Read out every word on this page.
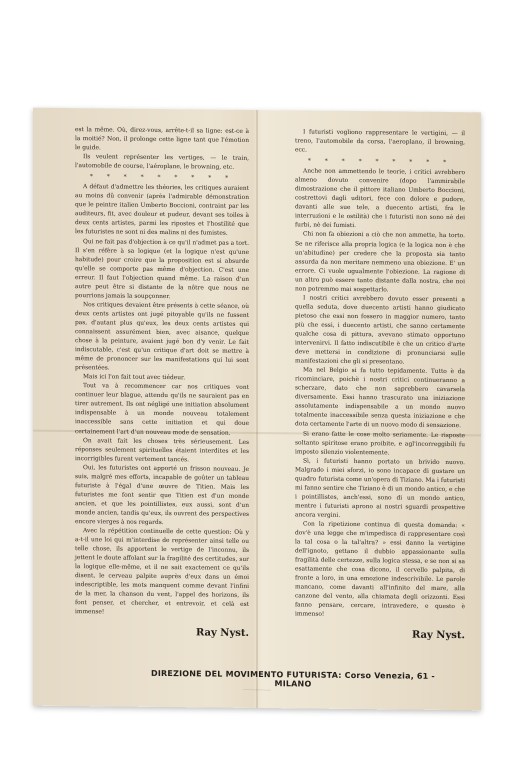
est la même. Où, direz-vous, arrête-t-il sa ligne: est-ce à la moitié? Non, il prolonge cette ligne tant que l'émotion le guide.

Ils veulent représenter les vertiges, — le train, l'automobile de course, l'aéroplane, le browning, etc.

* * * * * * * * *

A défaut d'admettre les théories, les critiques auraient au moins dû convenir (après l'admirable démonstration que le peintre italien Umberto Boccioni, contraint par les auditeurs, fit, avec douleur et pudeur, devant ses toiles à deux cents artistes, parmi les ripostes et l'hostilité que les futuristes ne sont ni des malins ni des fumistes.

Qui ne fait pas d'objection à ce qu'il n'admet pas a tort. Il s'en réfère à sa logique (et la logique n'est qu'une habitude) pour croire que la proposition est si absurde qu'elle se comporte pas même d'objection. C'est une erreur. Il faut l'objection quand même. La raison d'un autre peut être si distante de la nôtre que nous ne pourrions jamais la soupçonner.

Nos critiques devaient être présents à cette séance, où deux cents artistes ont jugé pitoyable qu'ils ne fussent pas, d'autant plus qu'eux, les deux cents artistes qui connaissent assurément bien, avec aisance, quelque chose à la peinture, avaient jugé bon d'y venir. Le fait indiscutable, c'est qu'un critique d'art doit se mettre à même de prononcer sur les manifestations qui lui sont présentées.

Mais ici l'on fait tout avec tiédeur.

Tout va à recommencer car nos critiques vont continuer leur blague, attendu qu'ils ne sauraient pas en tirer autrement. Ils ont négligé une initiation absolument indispensable à un monde nouveau totalement inaccessible sans cette initiation et qui doue certainement l'art d'un nouveau mode de sensation.

On avait fait les choses très sérieusement. Les réponses seulement spirituelles étaient interdites et les incorrigibles furent vertement tancés.

Oui, les futuristes ont apporté un frisson nouveau. Je suis, malgré mes efforts, incapable de goûter un tableau futuriste à l'égal d'une œuvre de Titien. Mais les futuristes me font sentir que Titien est d'un monde ancien, et que les pointillistes, eux aussi, sont d'un monde ancien, tandis qu'eux, ils ouvrent des perspectives encore vierges à nos regards.

Avec la répétition continuelle de cette question: Où y a-t-il une loi qui m'interdise de représenter ainsi telle ou telle chose, ils apportent le vertige de l'inconnu, ils jettent le doute affolant sur la fragilité des certitudes, sur la logique elle-même, et il ne sait exactement ce qu'ils disent, le cerveau palpite auprès d'eux dans un émoi indescriptible, les mots manquent comme devant l'infini de la mer, la chanson du vent, l'appel des horizons, ils font penser, et chercher, et entrevoir, et celà est immense!

Ray Nyst.

I futuristi vogliono rappresentare le vertigini, — il treno, l'automobile da corsa, l'aeroplano, il browning, ecc.

* * * * * * * * *

Anche non ammettendo le teorie, i critici avrebbero almeno dovuto convenire (dopo l'ammirabile dimostrazione che il pittore italiano Umberto Boccioni, costrettovi dagli uditori, fece con dolore e pudore, davanti alle sue tele, a duecento artisti, fra le interruzioni e le ostilità) che i futuristi non sono nè dei furbi, nè dei fumisti.

Chi non fa obiezioni a ciò che non ammette, ha torto. Se ne riferisce alla propria logica (e la logica non è che un'abitudine) per credere che la proposta sia tanto assurda da non meritare nemmeno una obiezione. E' un errore. Ci vuole ugualmente l'obiezione. La ragione di un altro può essere tanto distante dalla nostra, che noi non potremmo mai sospettarlo.

I nostri critici avrebbero dovuto esser presenti a quella seduta, dove duecento artisti hanno giudicato pietoso che essi non fossero in maggior numero, tanto più che essi, i duecento artisti, che sanno certamente qualche cosa di pittura, avevano stimato opportuno intervenirvi. Il fatto indiscutibile è che un critico d'arte deve mettersi in condizione di pronunciarsi sulle manifestazioni che gli si presentano.

Ma nel Belgio si fa tutto tepidamente. Tutto è da ricominciare, poichè i nostri critici continueranno a scherzare, dato che non saprebbero cavarsela diversamente. Essi hanno trascurato una iniziazione assolutamente indispensabile a un mondo nuovo totalmente inaccessibile senza questa iniziazione e che dota certamente l'arte di un nuovo modo di sensazione.

Si erano fatte le cose molto seriamente. Le risposte soltanto spiritose erano proibite, e agl'incorreggibili fu imposto silenzio violentemente.

Sì, i futuristi hanno portato un brivido nuovo. Malgrado i miei sforzi, io sono incapace di gustare un quadro futurista come un'opera di Tiziano. Ma i futuristi mi fanno sentire che Tiziano è di un mondo antico, e che i pointillistes, anch'essi, sono di un mondo antico, mentre i futuristi aprono ai nostri sguardi prospettive ancora vergini.

Con la ripetizione continua di questa domanda: « dov'è una legge che m'impedisca di rappresentare così la tal cosa o la tal'altra? » essi danno la vertigine dell'ignoto, gettano il dubbio appassionante sulla fragilità delle certezze, sulla logica stessa, e se non si sa esattamente che cosa dicono, il cervello palpita, di fronte a loro, in una emozione indescrivibile. Le parole mancano, come davanti all'infinito del mare, alla canzone del vento, alla chiamata degli orizzonti. Essi fanno pensare, cercare, intravedere, e questo è immenso!

Ray Nyst.
DIREZIONE DEL MOVIMENTO FUTURISTA: Corso Venezia, 61 - MILANO
·····························
